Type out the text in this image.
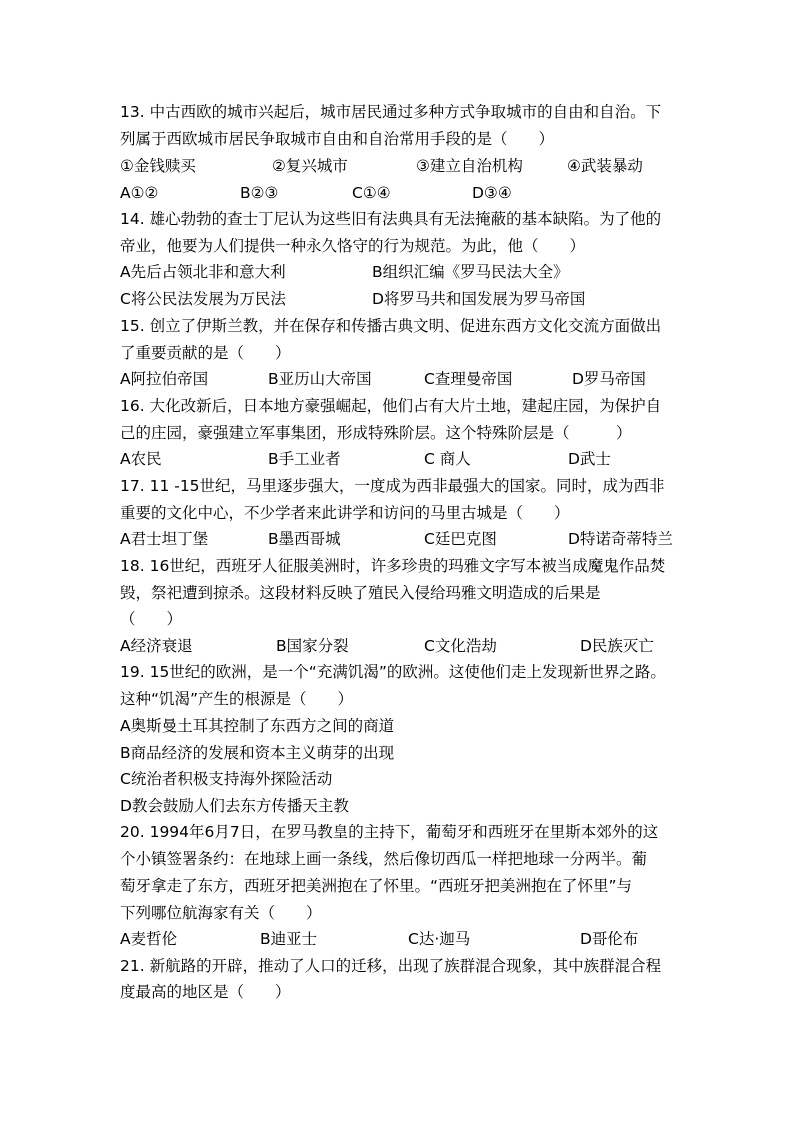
13. 中古西欧的城市兴起后，城市居民通过多种方式争取城市的自由和自治。下
列属于西欧城市居民争取城市自由和自治常用手段的是（　　）
①金钱赎买	②复兴城市	③建立自治机构	④武装暴动
A①②	B②③	C①④	D③④
14. 雄心勃勃的查士丁尼认为这些旧有法典具有无法掩蔽的基本缺陷。为了他的
帝业，他要为人们提供一种永久恪守的行为规范。为此，他（　　）
A先后占领北非和意大利	B组织汇编《罗马民法大全》
C将公民法发展为万民法	D将罗马共和国发展为罗马帝国
15. 创立了伊斯兰教，并在保存和传播古典文明、促进东西方文化交流方面做出
了重要贡献的是（　　）
A阿拉伯帝国	B亚历山大帝国	C查理曼帝国	D罗马帝国
16. 大化改新后，日本地方豪强崛起，他们占有大片土地，建起庄园，为保护自
己的庄园，豪强建立军事集团，形成特殊阶层。这个特殊阶层是（　　　）
A农民	B手工业者	C 商人	D武士
17. 11 -15世纪，马里逐步强大，一度成为西非最强大的国家。同时，成为西非
重要的文化中心，不少学者来此讲学和访问的马里古城是（　　）
A君士坦丁堡	B墨西哥城	C廷巴克图	D特诺奇蒂特兰
18. 16世纪，西班牙人征服美洲时，许多珍贵的玛雅文字写本被当成魔鬼作品焚
毁，祭祀遭到掠杀。这段材料反映了殖民入侵给玛雅文明造成的后果是
（　　）
A经济衰退	B国家分裂	C文化浩劫	D民族灭亡
19. 15世纪的欧洲，是一个“充满饥渴”的欧洲。这使他们走上发现新世界之路。
这种“饥渴”产生的根源是（　　）
A奥斯曼土耳其控制了东西方之间的商道
B商品经济的发展和资本主义萌芽的出现
C统治者积极支持海外探险活动
D教会鼓励人们去东方传播天主教
20. 1994年6月7日，在罗马教皇的主持下，葡萄牙和西班牙在里斯本郊外的这
个小镇签署条约：在地球上画一条线，然后像切西瓜一样把地球一分两半。葡
萄牙拿走了东方，西班牙把美洲抱在了怀里。“西班牙把美洲抱在了怀里”与
下列哪位航海家有关（　　）
A麦哲伦	B迪亚士	C达·迦马	D哥伦布
21. 新航路的开辟，推动了人口的迁移，出现了族群混合现象，其中族群混合程
度最高的地区是（　　）
